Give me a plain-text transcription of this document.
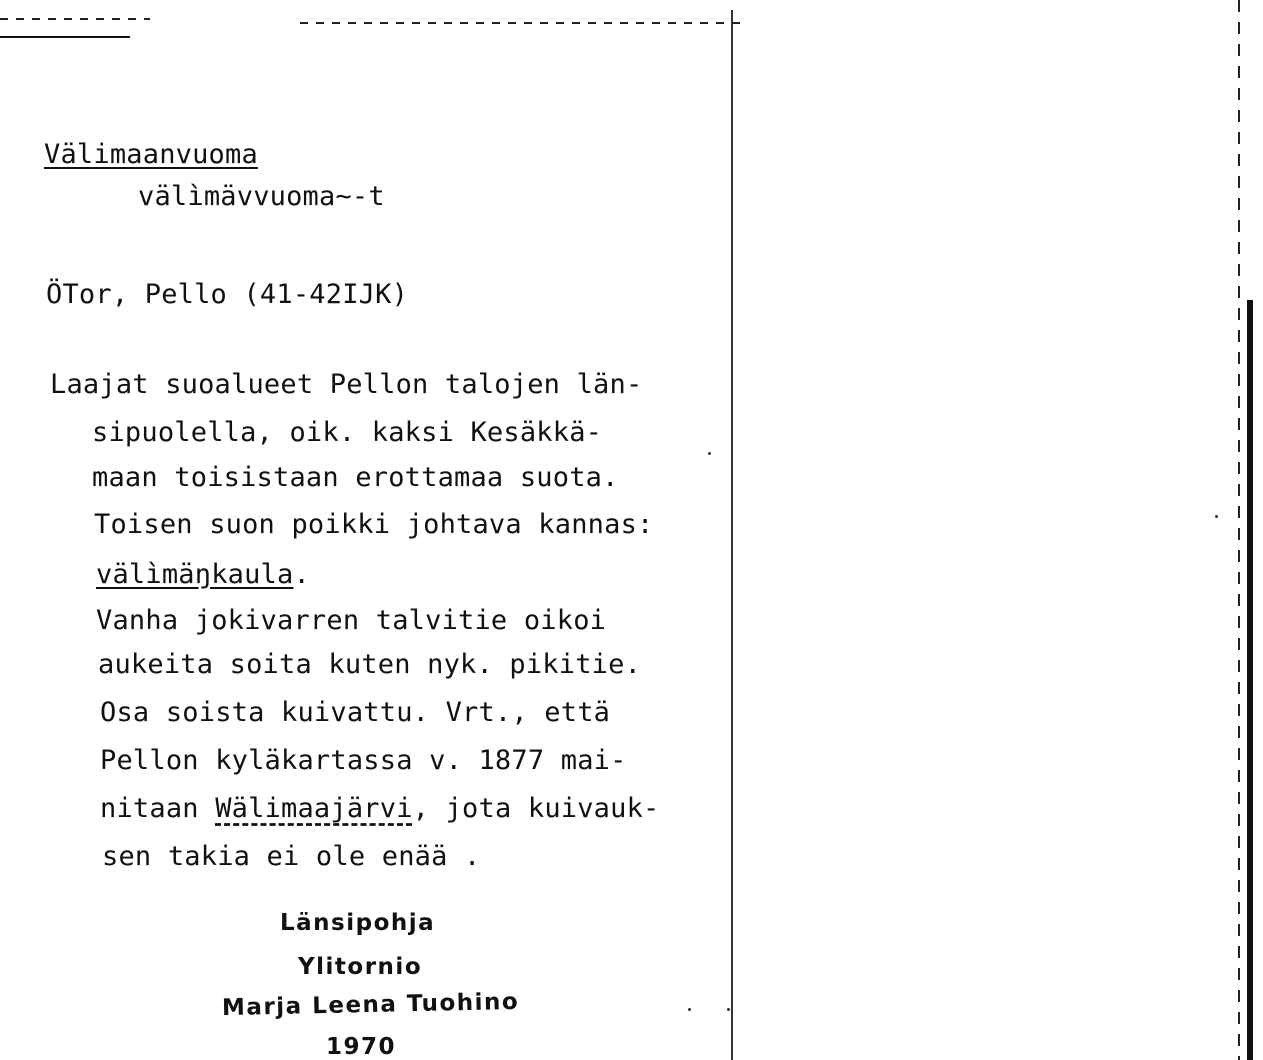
Välimaanvuoma
välìmävvuoma~-t
ÖTor, Pello (41-42IJK)
Laajat suoalueet Pellon talojen län-
sipuolella, oik. kaksi Kesäkkä-
maan toisistaan erottamaa suota.
Toisen suon poikki johtava kannas:
välìmäŋkaula.
Vanha jokivarren talvitie oikoi
aukeita soita kuten nyk. pikitie.
Osa soista kuivattu. Vrt., että
Pellon kyläkartassa v. 1877 mai-
nitaan Wälimaajärvi, jota kuivauk-
sen takia ei ole enää .
Länsipohja
Ylitornio
Marja Leena Tuohino
1970
